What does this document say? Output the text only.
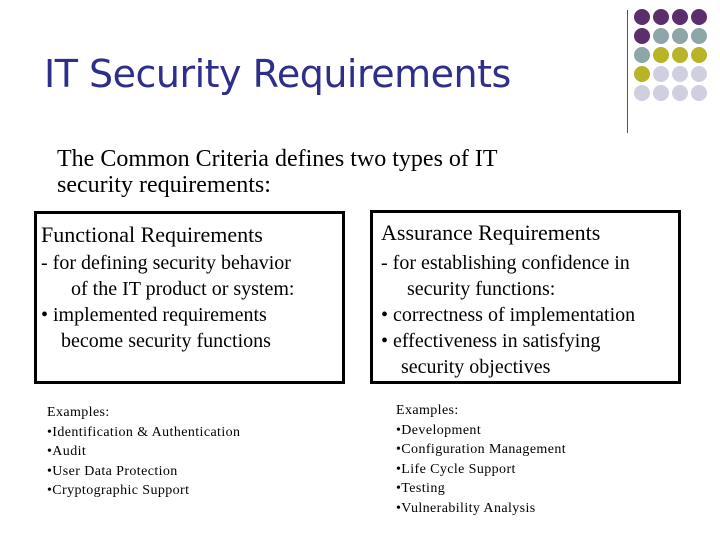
IT Security Requirements
The Common Criteria defines two types of IT
security requirements:
Functional Requirements
- for defining security behavior
of the IT product or system:
• implemented requirements
become security functions
Examples:
•Identification & Authentication
•Audit
•User Data Protection
•Cryptographic Support
Assurance Requirements
- for establishing confidence in
security functions:
• correctness of implementation
• effectiveness in satisfying
security objectives
Examples:
•Development
•Configuration Management
•Life Cycle Support
•Testing
•Vulnerability Analysis
